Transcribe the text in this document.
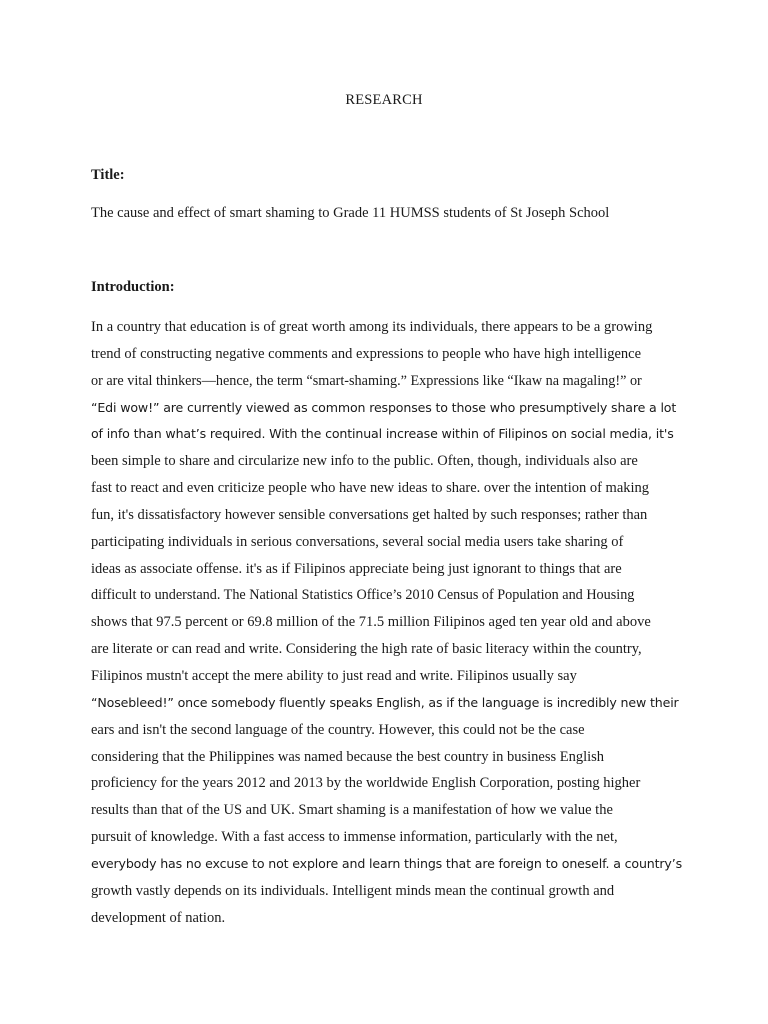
RESEARCH
Title:
The cause and effect of smart shaming to Grade 11 HUMSS students of St Joseph School
Introduction:
In a country that education is of great worth among its individuals, there appears to be a growing
trend of constructing negative comments and expressions to people who have high intelligence
or are vital thinkers—hence, the term “smart-shaming.” Expressions like “Ikaw na magaling!” or
“Edi wow!” are currently viewed as common responses to those who presumptively share a lot
of info than what’s required. With the continual increase within of Filipinos on social media, it's
been simple to share and circularize new info to the public. Often, though, individuals also are
fast to react and even criticize people who have new ideas to share. over the intention of making
fun, it's dissatisfactory however sensible conversations get halted by such responses; rather than
participating individuals in serious conversations, several social media users take sharing of
ideas as associate offense. it's as if Filipinos appreciate being just ignorant to things that are
difficult to understand. The National Statistics Office’s 2010 Census of Population and Housing
shows that 97.5 percent or 69.8 million of the 71.5 million Filipinos aged ten year old and above
are literate or can read and write. Considering the high rate of basic literacy within the country,
Filipinos mustn't accept the mere ability to just read and write. Filipinos usually say
“Nosebleed!” once somebody fluently speaks English, as if the language is incredibly new their
ears and isn't the second language of the country. However, this could not be the case
considering that the Philippines was named because the best country in business English
proficiency for the years 2012 and 2013 by the worldwide English Corporation, posting higher
results than that of the US and UK. Smart shaming is a manifestation of how we value the
pursuit of knowledge. With a fast access to immense information, particularly with the net,
everybody has no excuse to not explore and learn things that are foreign to oneself. a country’s
growth vastly depends on its individuals. Intelligent minds mean the continual growth and
development of nation.
